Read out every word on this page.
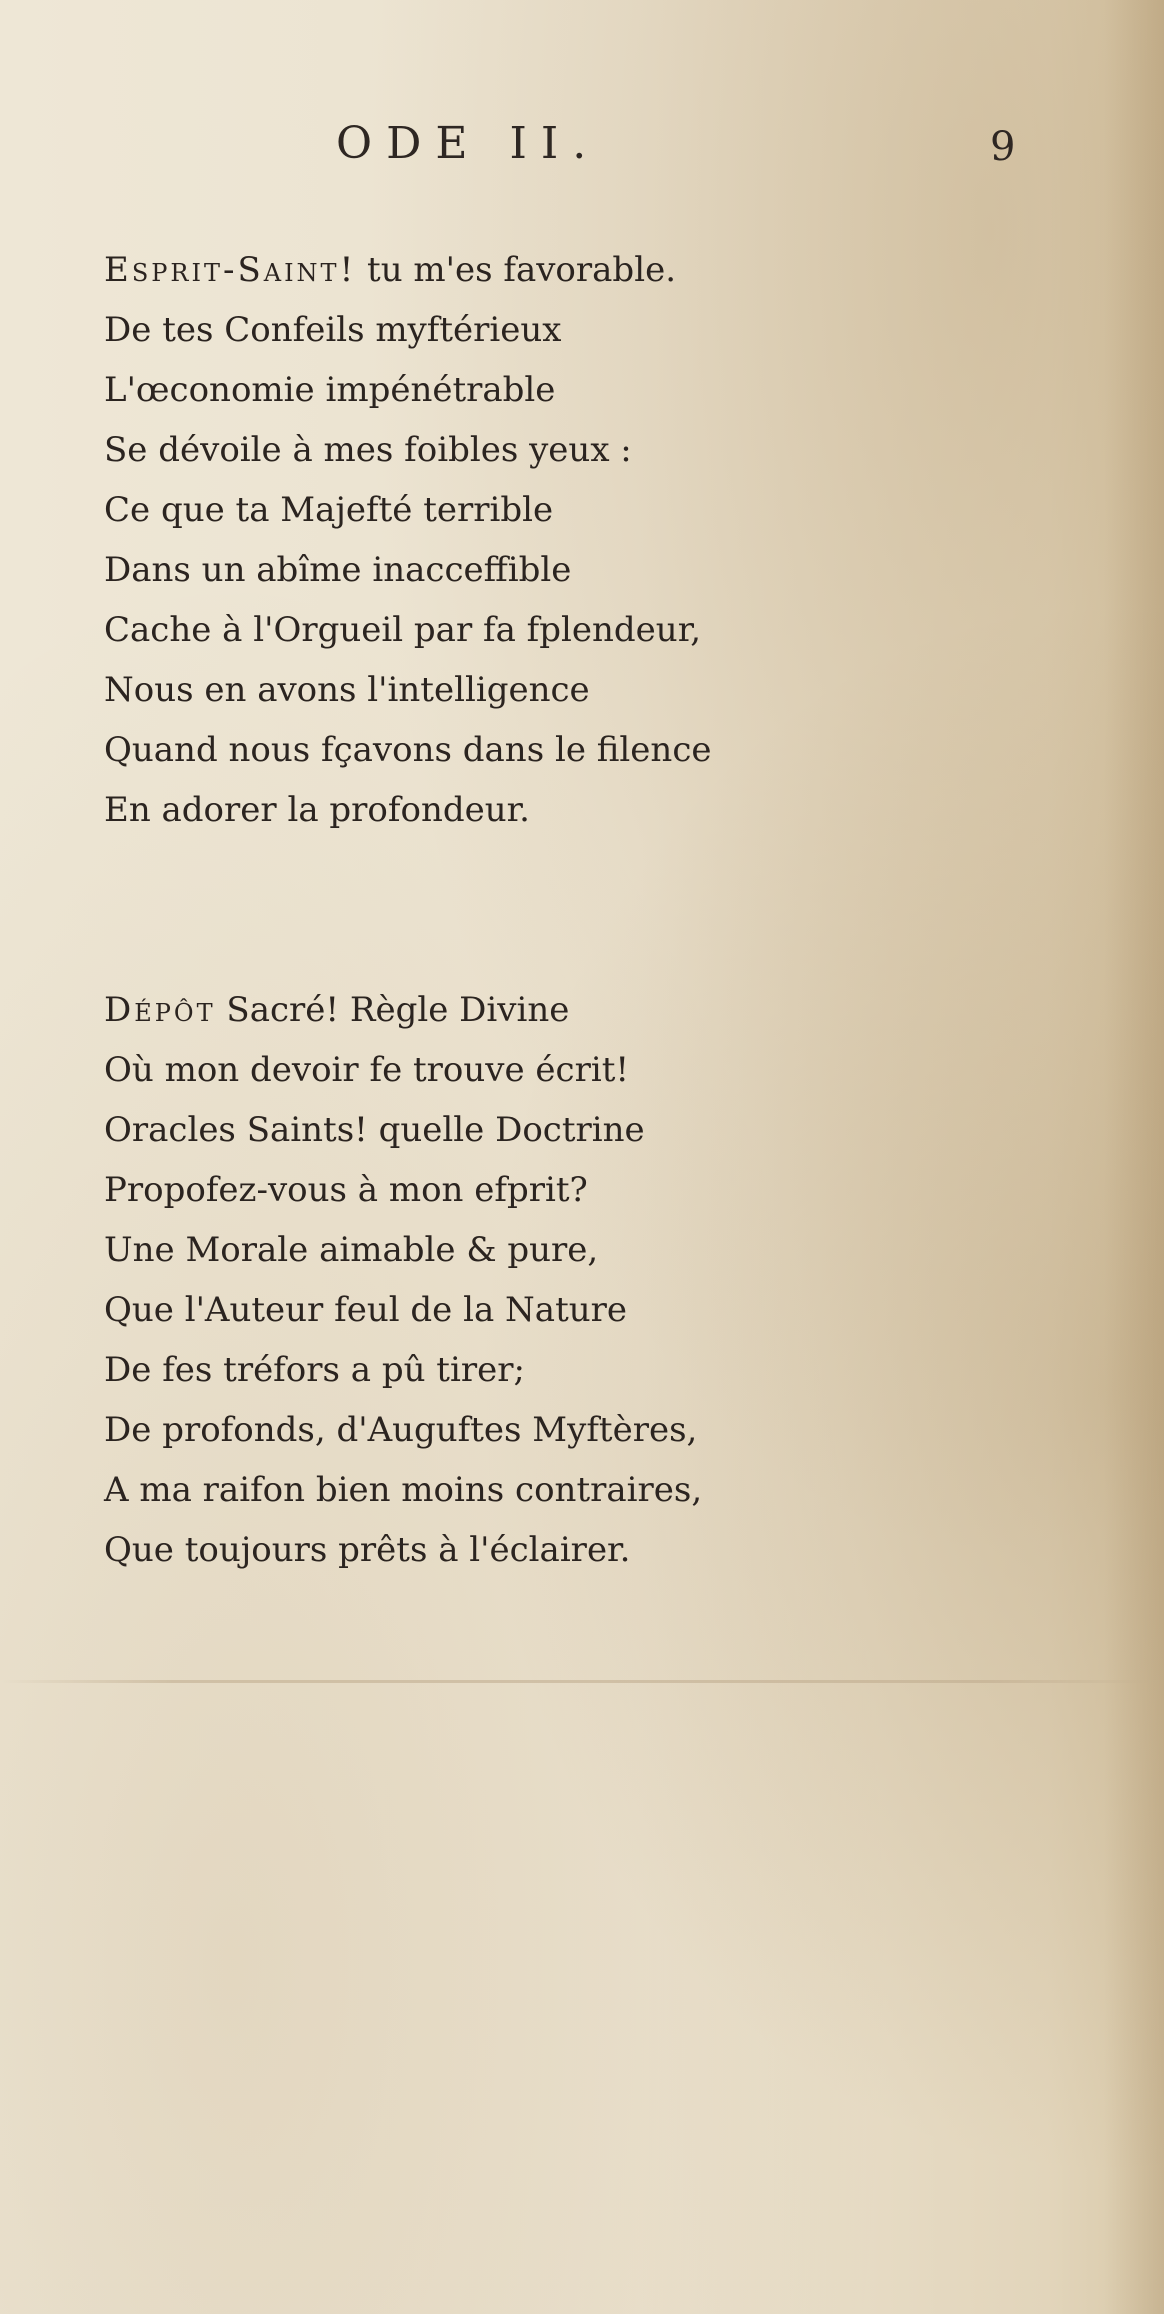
ODE II.	9
Esprit-Saint! tu m'es favorable.
De tes Confeils myftérieux
L'œconomie impénétrable
Se dévoile à mes foibles yeux :
Ce que ta Majefté terrible
Dans un abîme inacceffible
Cache à l'Orgueil par fa fplendeur,
Nous en avons l'intelligence
Quand nous fçavons dans le filence
En adorer la profondeur.
Dépôt Sacré! Règle Divine
Où mon devoir fe trouve écrit!
Oracles Saints! quelle Doctrine
Propofez-vous à mon efprit?
Une Morale aimable & pure,
Que l'Auteur feul de la Nature
De fes tréfors a pû tirer;
De profonds, d'Auguftes Myftères,
A ma raifon bien moins contraires,
Que toujours prêts à l'éclairer.
